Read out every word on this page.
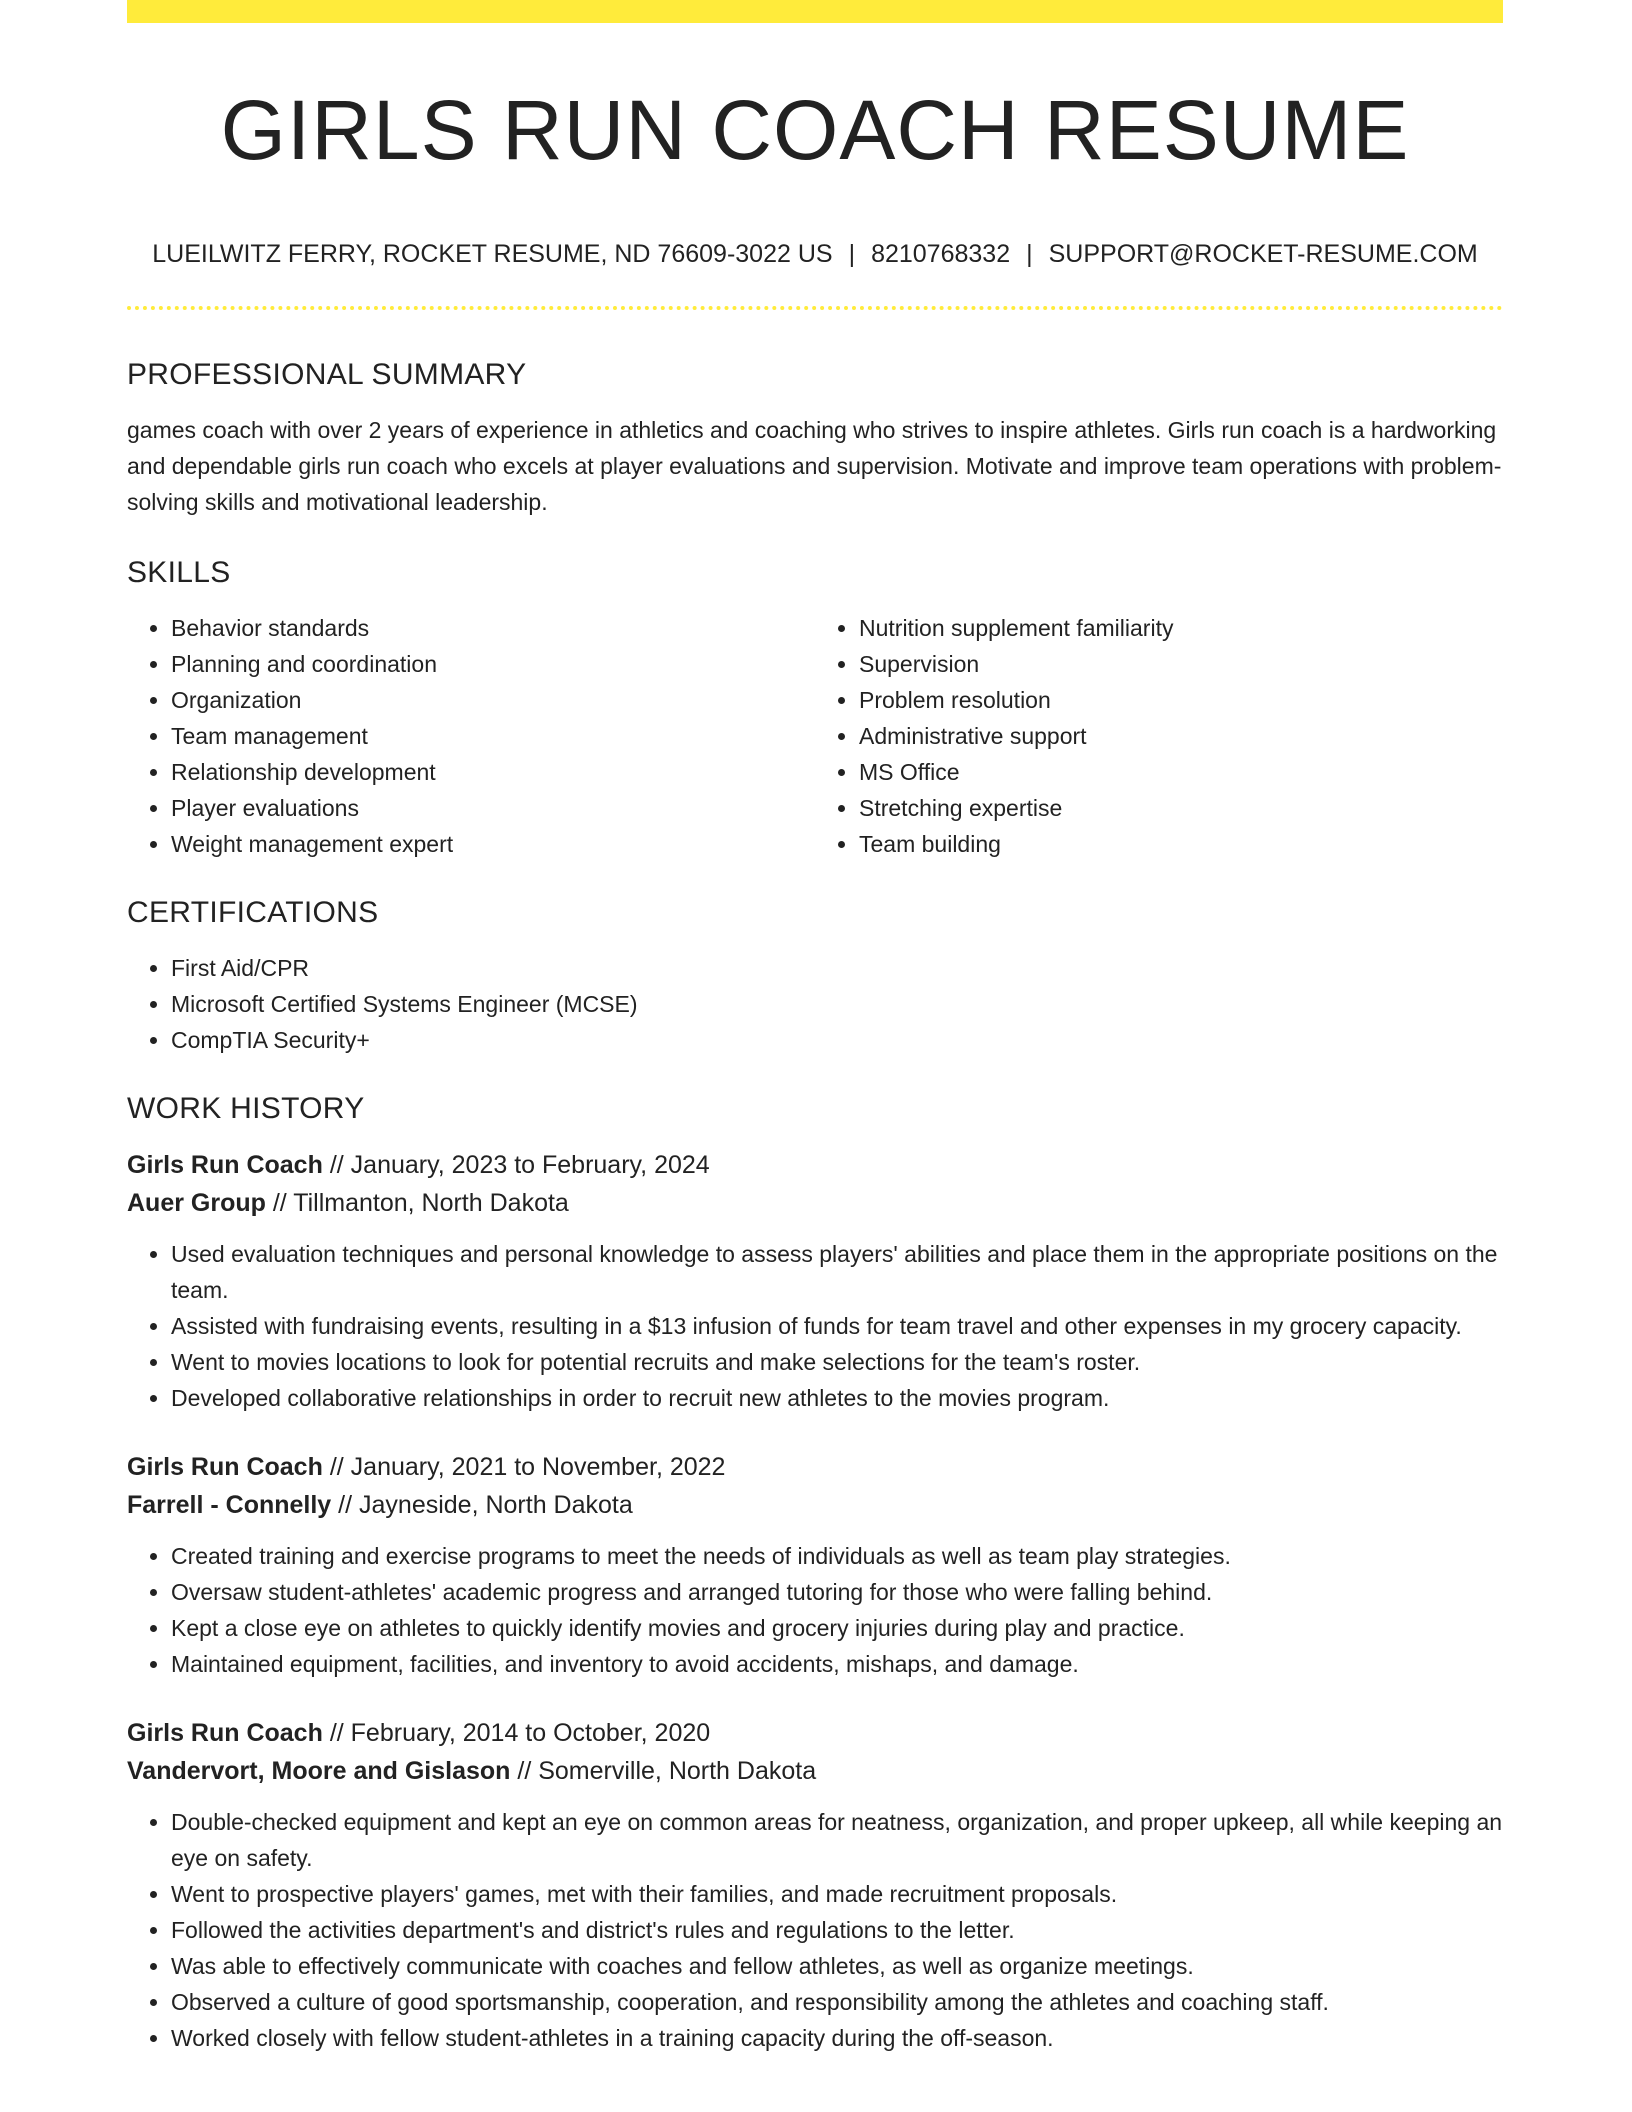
GIRLS RUN COACH RESUME
LUEILWITZ FERRY, ROCKET RESUME, ND 76609-3022 US | 8210768332 | SUPPORT@ROCKET-RESUME.COM
PROFESSIONAL SUMMARY

games coach with over 2 years of experience in athletics and coaching who strives to inspire athletes. Girls run coach is a hardworking and dependable girls run coach who excels at player evaluations and supervision. Motivate and improve team operations with problem-solving skills and motivational leadership.

SKILLS
• Behavior standards
• Planning and coordination
• Organization
• Team management
• Relationship development
• Player evaluations
• Weight management expert
• Nutrition supplement familiarity
• Supervision
• Problem resolution
• Administrative support
• MS Office
• Stretching expertise
• Team building
CERTIFICATIONS
• First Aid/CPR
• Microsoft Certified Systems Engineer (MCSE)
• CompTIA Security+
WORK HISTORY
Girls Run Coach // January, 2023 to February, 2024
Auer Group // Tillmanton, North Dakota
• Used evaluation techniques and personal knowledge to assess players' abilities and place them in the appropriate positions on the team.
• Assisted with fundraising events, resulting in a $13 infusion of funds for team travel and other expenses in my grocery capacity.
• Went to movies locations to look for potential recruits and make selections for the team's roster.
• Developed collaborative relationships in order to recruit new athletes to the movies program.
Girls Run Coach // January, 2021 to November, 2022
Farrell - Connelly // Jayneside, North Dakota
• Created training and exercise programs to meet the needs of individuals as well as team play strategies.
• Oversaw student-athletes' academic progress and arranged tutoring for those who were falling behind.
• Kept a close eye on athletes to quickly identify movies and grocery injuries during play and practice.
• Maintained equipment, facilities, and inventory to avoid accidents, mishaps, and damage.
Girls Run Coach // February, 2014 to October, 2020
Vandervort, Moore and Gislason // Somerville, North Dakota
• Double-checked equipment and kept an eye on common areas for neatness, organization, and proper upkeep, all while keeping an eye on safety.
• Went to prospective players' games, met with their families, and made recruitment proposals.
• Followed the activities department's and district's rules and regulations to the letter.
• Was able to effectively communicate with coaches and fellow athletes, as well as organize meetings.
• Observed a culture of good sportsmanship, cooperation, and responsibility among the athletes and coaching staff.
• Worked closely with fellow student-athletes in a training capacity during the off-season.
